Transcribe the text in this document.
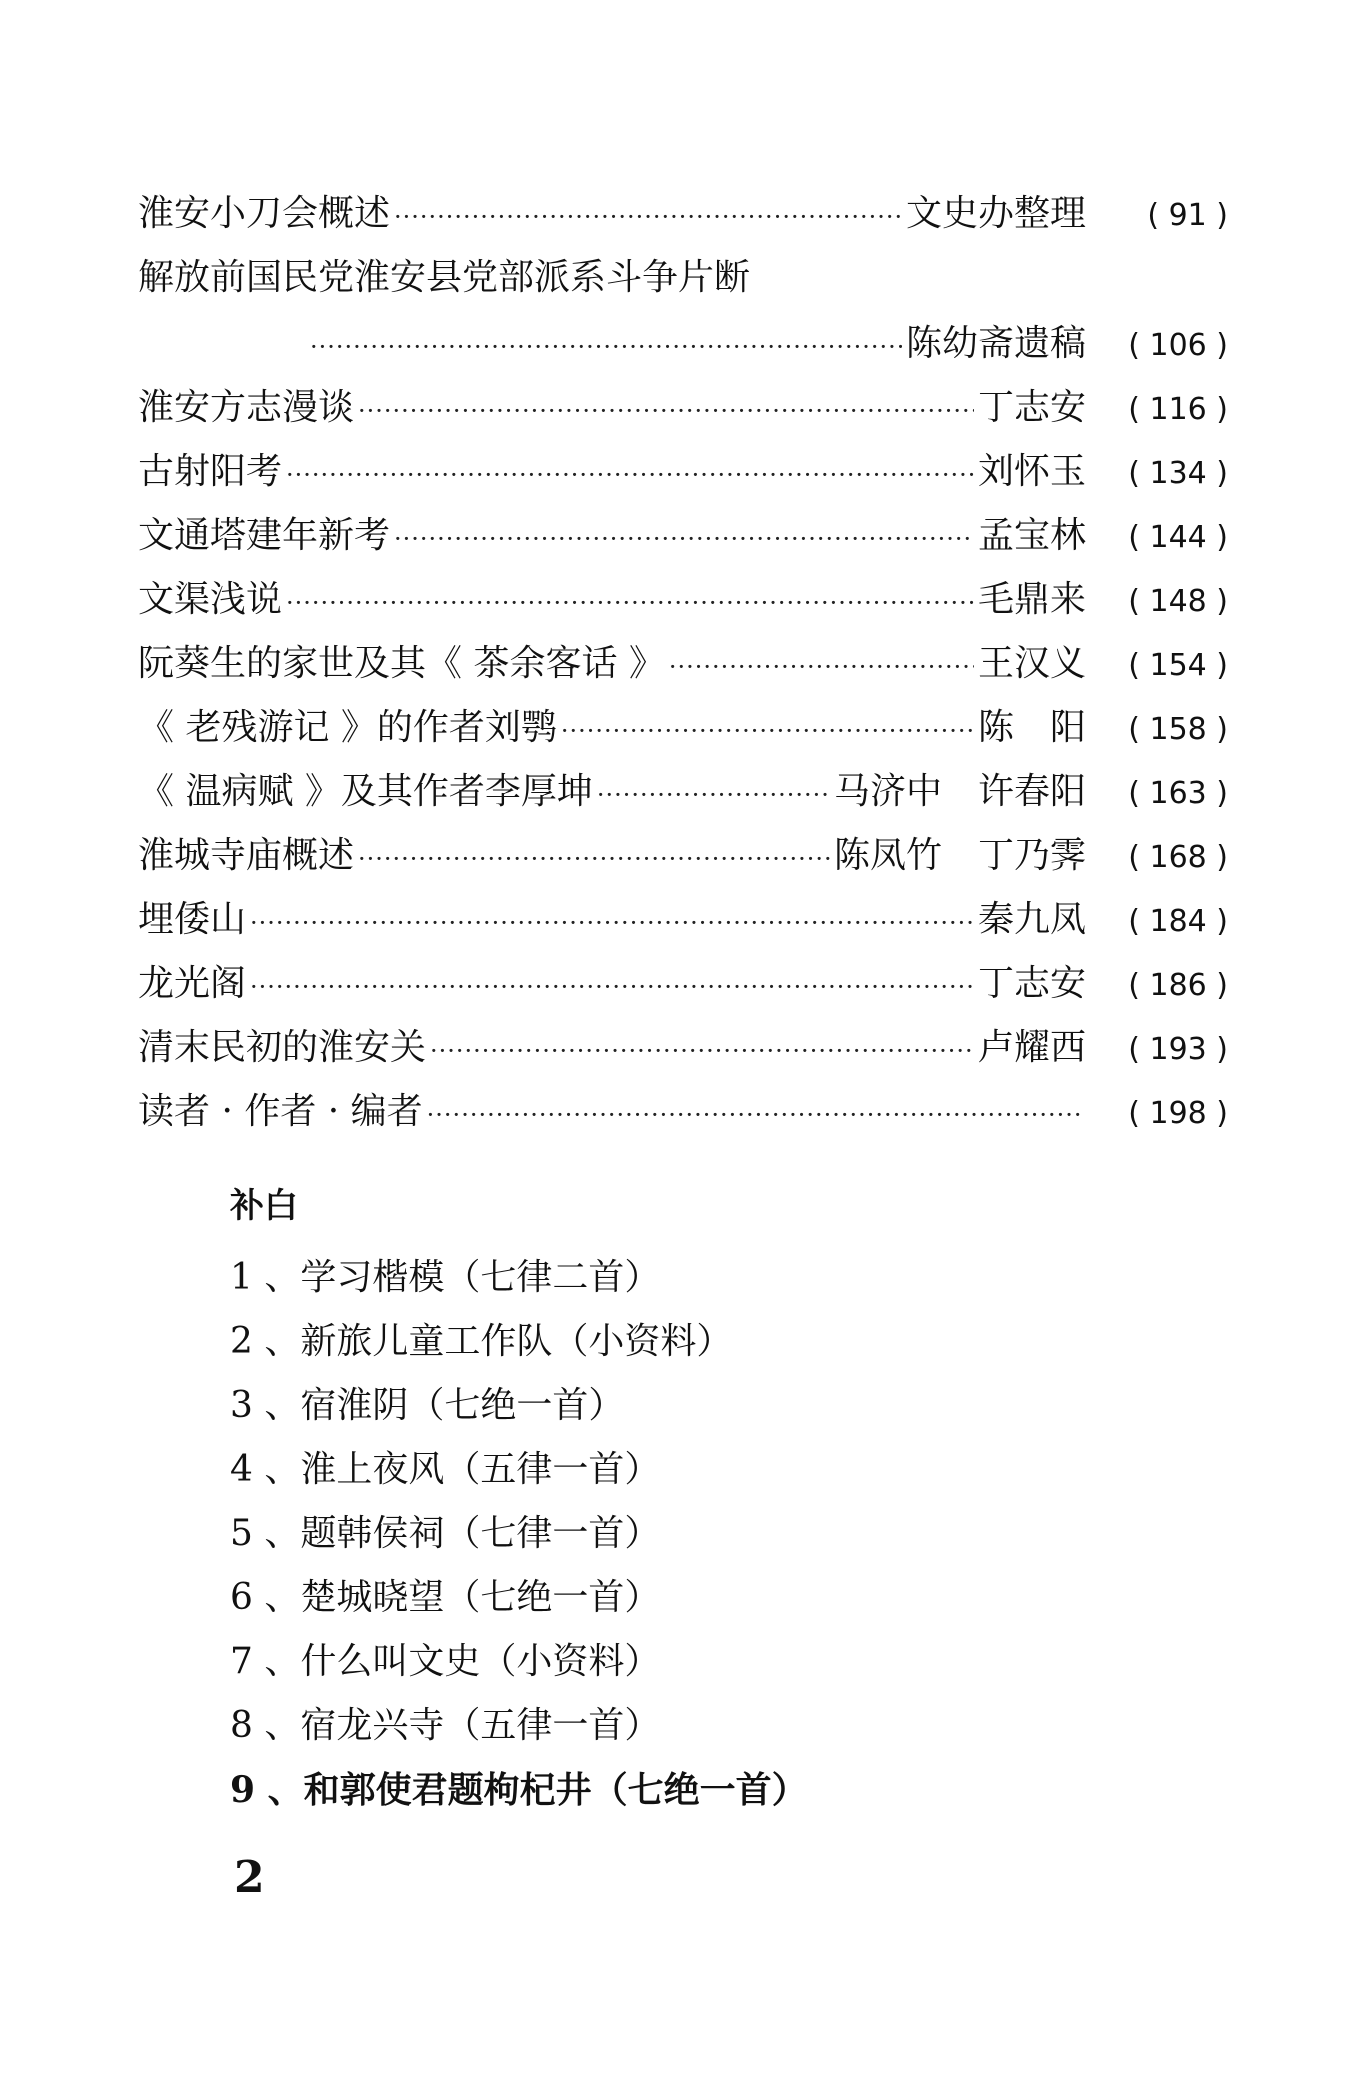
淮安小刀会概述 ·····	文史办整理	( 91 )
解放前国民党淮安县党部派系斗争片断
·····
陈幼斋遗稿	( 106 )
淮安方志漫谈 ·····	丁志安	( 116 )
古射阳考 ·····	刘怀玉	( 134 )
文通塔建年新考 ·····	孟宝林	( 144 )
文渠浅说 ·····	毛鼎来	( 148 )
阮葵生的家世及其《 茶余客话 》 ·····	王汉义	( 154 )
《 老残游记 》的作者刘鹗 ·····	陈　阳	( 158 )
《 温病赋 》及其作者李厚坤 ·····	马济中　许春阳	( 163 )
淮城寺庙概述 ·····	陈凤竹　丁乃霁	( 168 )
埋倭山 ·····	秦九凤	( 184 )
龙光阁 ·····	丁志安	( 186 )
清末民初的淮安关 ·····	卢耀西	( 193 )
读者 · 作者 · 编者 ·····	( 198 )
补白
1 、学习楷模（七律二首）
2 、新旅儿童工作队（小资料）
3 、宿淮阴（七绝一首）
4 、淮上夜风（五律一首）
5 、题韩侯祠（七律一首）
6 、楚城晓望（七绝一首）
7 、什么叫文史（小资料）
8 、宿龙兴寺（五律一首）
9 、和郭使君题枸杞井（七绝一首）
2
